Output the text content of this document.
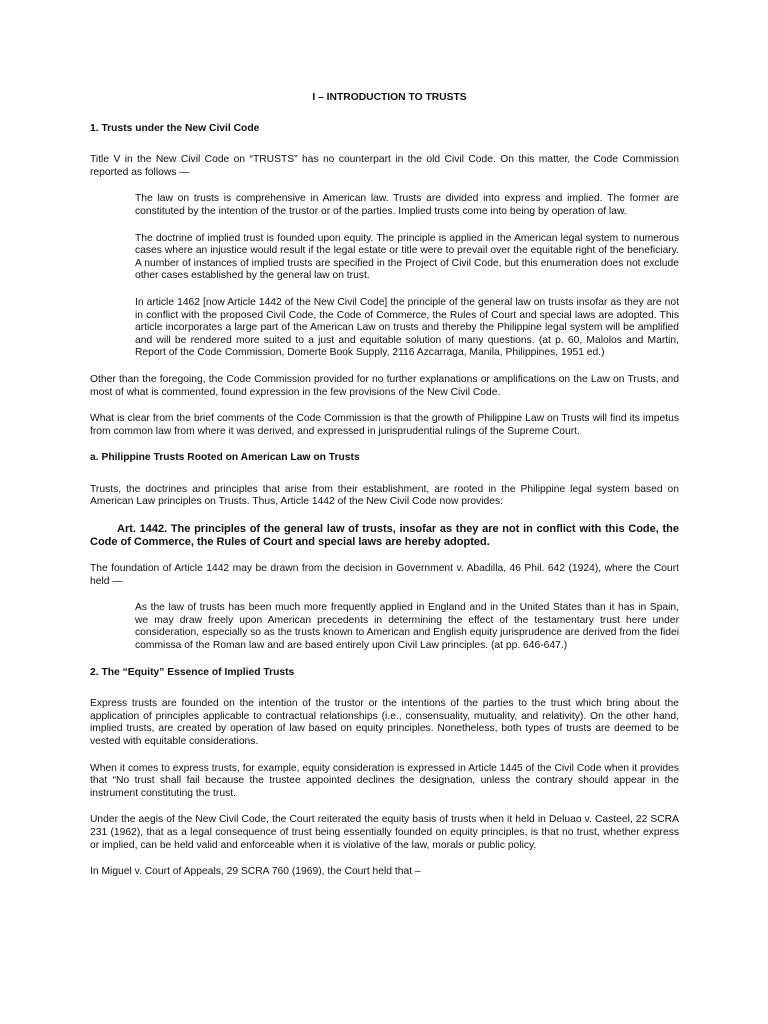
I – INTRODUCTION TO TRUSTS
1. Trusts under the New Civil Code

Title V in the New Civil Code on “TRUSTS” has no counterpart in the old Civil Code. On this matter, the Code Commission reported as follows —

The law on trusts is comprehensive in American law. Trusts are divided into express and implied. The former are constituted by the intention of the trustor or of the parties. Implied trusts come into being by operation of law.
The doctrine of implied trust is founded upon equity. The principle is applied in the American legal system to numerous cases where an injustice would result if the legal estate or title were to prevail over the equitable right of the beneficiary. A number of instances of implied trusts are specified in the Project of Civil Code, but this enumeration does not exclude other cases established by the general law on trust.
In article 1462 [now Article 1442 of the New Civil Code] the principle of the general law on trusts insofar as they are not in conflict with the proposed Civil Code, the Code of Commerce, the Rules of Court and special laws are adopted. This article incorporates a large part of the American Law on trusts and thereby the Philippine legal system will be amplified and will be rendered more suited to a just and equitable solution of many questions. (at p. 60, Malolos and Martin, Report of the Code Commission, Domerte Book Supply, 2116 Azcarraga, Manila, Philippines, 1951 ed.)

Other than the foregoing, the Code Commission provided for no further explanations or amplifications on the Law on Trusts, and most of what is commented, found expression in the few provisions of the New Civil Code.

What is clear from the brief comments of the Code Commission is that the growth of Philippine Law on Trusts will find its impetus from common law from where it was derived, and expressed in jurisprudential rulings of the Supreme Court.

a. Philippine Trusts Rooted on American Law on Trusts

Trusts, the doctrines and principles that arise from their establishment, are rooted in the Philippine legal system based on American Law principles on Trusts. Thus, Article 1442 of the New Civil Code now provides:

Art. 1442. The principles of the general law of trusts, insofar as they are not in conflict with this Code, the Code of Commerce, the Rules of Court and special laws are hereby adopted.

The foundation of Article 1442 may be drawn from the decision in Government v. Abadilla, 46 Phil. 642 (1924), where the Court held —

As the law of trusts has been much more frequently applied in England and in the United States than it has in Spain, we may draw freely upon American precedents in determining the effect of the testamentary trust here under consideration, especially so as the trusts known to American and English equity jurisprudence are derived from the fidei commissa of the Roman law and are based entirely upon Civil Law principles. (at pp. 646-647.)
2. The “Equity” Essence of Implied Trusts

Express trusts are founded on the intention of the trustor or the intentions of the parties to the trust which bring about the application of principles applicable to contractual relationships (i.e., consensuality, mutuality, and relativity). On the other hand, implied trusts, are created by operation of law based on equity principles. Nonetheless, both types of trusts are deemed to be vested with equitable considerations.

When it comes to express trusts, for example, equity consideration is expressed in Article 1445 of the Civil Code when it provides that “No trust shall fail because the trustee appointed declines the designation, unless the contrary should appear in the instrument constituting the trust.

Under the aegis of the New Civil Code, the Court reiterated the equity basis of trusts when it held in Deluao v. Casteel, 22 SCRA 231 (1962), that as a legal consequence of trust being essentially founded on equity principles, is that no trust, whether express or implied, can be held valid and enforceable when it is violative of the law, morals or public policy.

In Miguel v. Court of Appeals, 29 SCRA 760 (1969), the Court held that –
